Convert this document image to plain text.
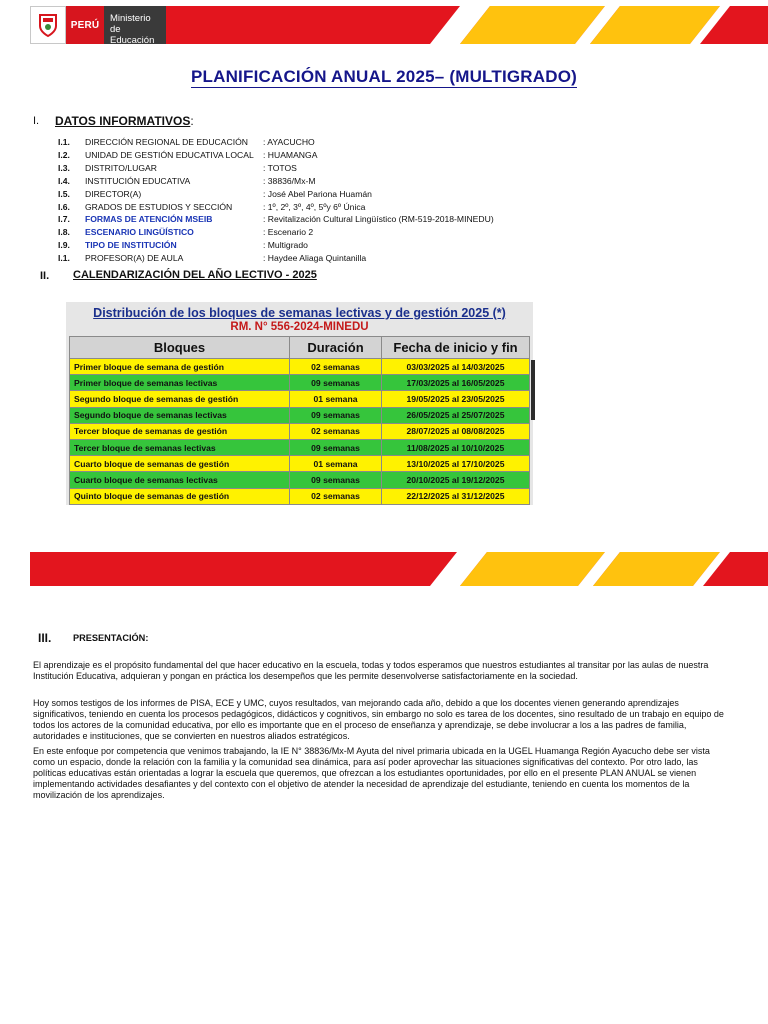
PERÚ
Ministerio
de Educación
PLANIFICACIÓN ANUAL 2025– (MULTIGRADO)
I. DATOS INFORMATIVOS:
I.1.	DIRECCIÓN REGIONAL DE EDUCACIÓN	: AYACUCHO
I.2.	UNIDAD DE GESTIÓN EDUCATIVA LOCAL	: HUAMANGA
I.3.	DISTRITO/LUGAR	: TOTOS
I.4.	INSTITUCIÓN EDUCATIVA	: 38836/Mx-M
I.5.	DIRECTOR(A)	: José Abel Pariona Huamán
I.6.	GRADOS DE ESTUDIOS Y SECCIÓN	: 1º, 2º, 3º, 4º, 5ºy 6º Única
I.7.	FORMAS DE ATENCIÓN MSEIB	: Revitalización Cultural Lingüístico (RM-519-2018-MINEDU)
I.8.	ESCENARIO LINGÜÍSTICO	: Escenario 2
I.9.	TIPO DE INSTITUCIÓN	: Multigrado
I.1.	PROFESOR(A) DE AULA	: Haydee Aliaga Quintanilla
II. CALENDARIZACIÓN DEL AÑO LECTIVO - 2025
Distribución de los bloques de semanas lectivas y de gestión 2025 (*)
RM. N° 556-2024-MINEDU
Bloques	Duración	Fecha de inicio y fin
Primer bloque de semana de gestión	02 semanas	03/03/2025 al 14/03/2025
Primer bloque de semanas lectivas	09 semanas	17/03/2025 al 16/05/2025
Segundo bloque de semanas de gestión	01 semana	19/05/2025 al 23/05/2025
Segundo bloque de semanas lectivas	09 semanas	26/05/2025 al 25/07/2025
Tercer bloque de semanas de gestión	02 semanas	28/07/2025 al 08/08/2025
Tercer bloque de semanas lectivas	09 semanas	11/08/2025 al 10/10/2025
Cuarto bloque de semanas de gestión	01 semana	13/10/2025 al 17/10/2025
Cuarto bloque de semanas lectivas	09 semanas	20/10/2025 al 19/12/2025
Quinto bloque de semanas de gestión	02 semanas	22/12/2025 al 31/12/2025
III. PRESENTACIÓN:
El aprendizaje es el propósito fundamental del que hacer educativo en la escuela, todas y todos esperamos que nuestros estudiantes al transitar por las aulas de nuestra Institución Educativa, adquieran y pongan en práctica los desempeños que les permite desenvolverse satisfactoriamente en la sociedad.
Hoy somos testigos de los informes de PISA, ECE y UMC, cuyos resultados, van mejorando cada año, debido a que los docentes vienen generando aprendizajes significativos, teniendo en cuenta los procesos pedagógicos, didácticos y cognitivos, sin embargo no solo es tarea de los docentes, sino resultado de un trabajo en equipo de todos los actores de la comunidad educativa, por ello es importante que en el proceso de enseñanza y aprendizaje, se debe involucrar a los a las padres de familia, autoridades e instituciones, que se convierten en nuestros aliados estratégicos.
En este enfoque por competencia que venimos trabajando, la IE N° 38836/Mx-M Ayuta del nivel primaria ubicada en la UGEL Huamanga Región Ayacucho debe ser vista como un espacio, donde la relación con la familia y la comunidad sea dinámica, para así poder aprovechar las situaciones significativas del contexto. Por otro lado, las políticas educativas están orientadas a lograr la escuela que queremos, que ofrezcan a los estudiantes oportunidades, por ello en el presente PLAN ANUAL se vienen implementando actividades desafiantes y del contexto con el objetivo de atender la necesidad de aprendizaje del estudiante, teniendo en cuenta los momentos de la movilización de los aprendizajes.
